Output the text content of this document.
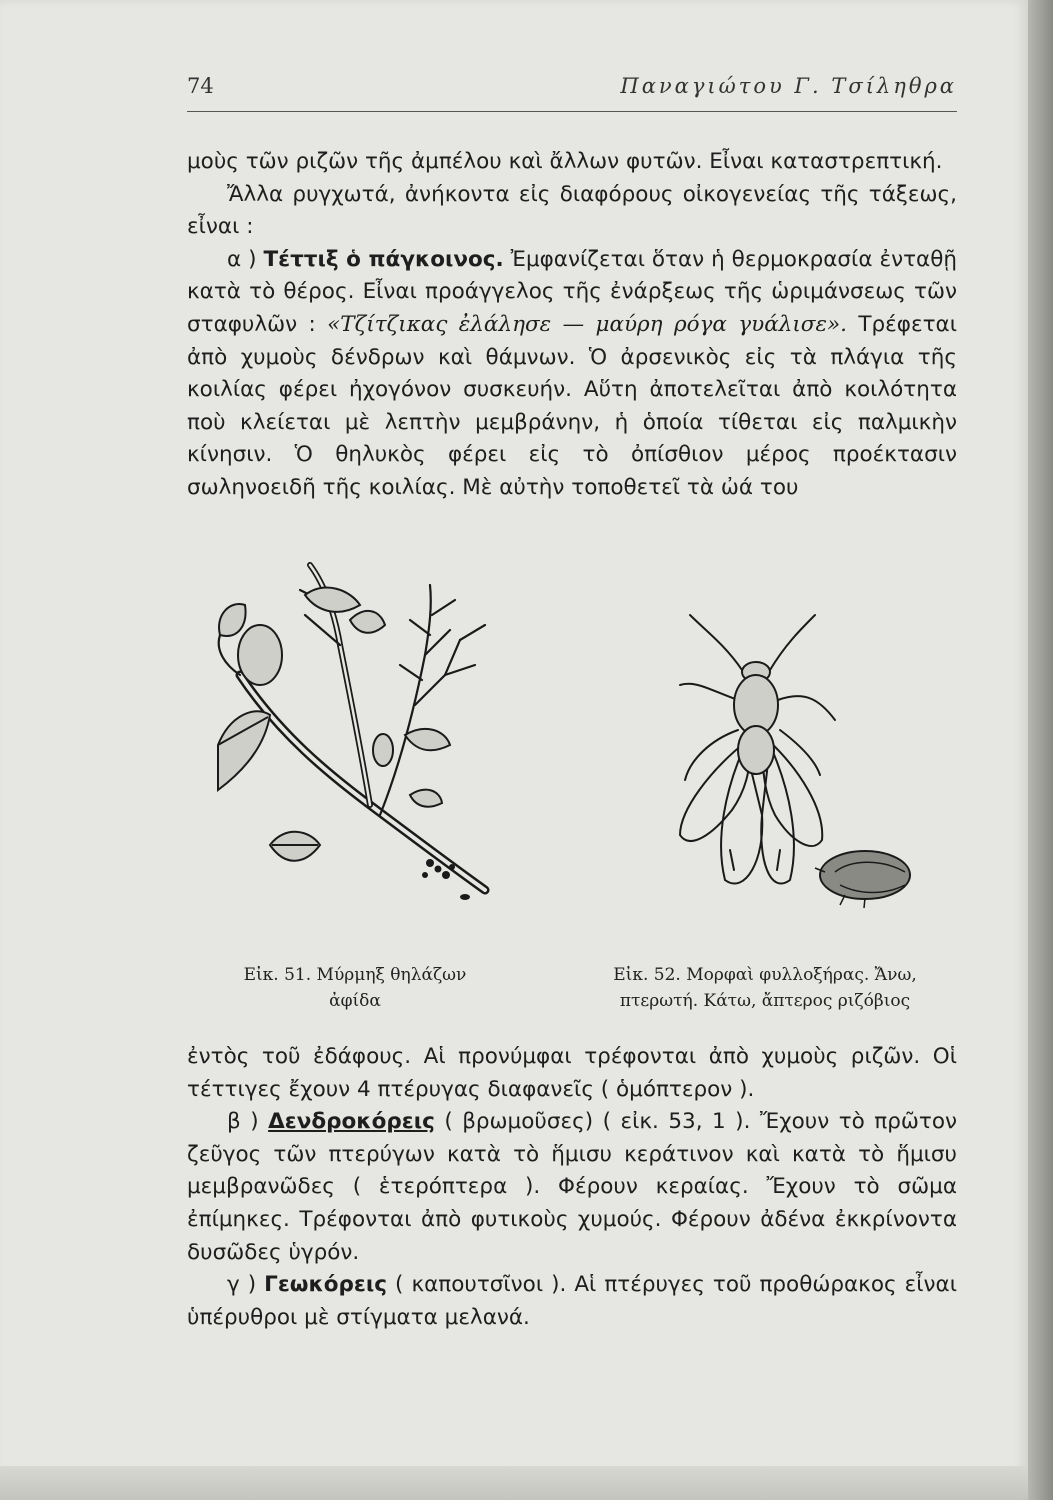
74	Παναγιώτου Γ. Τσίληθρα

μοὺς τῶν ριζῶν τῆς ἀμπέλου καὶ ἄλλων φυτῶν. Εἶναι καταστρεπτική.

Ἄλλα ρυγχωτά, ἀνήκοντα εἰς διαφόρους οἰκογενείας τῆς τάξεως, εἶναι :

α ) Τέττιξ ὁ πάγκοινος. Ἐμφανίζεται ὅταν ἡ θερμοκρασία ἐνταθῇ κατὰ τὸ θέρος. Εἶναι προάγγελος τῆς ἐνάρξεως τῆς ὡριμάνσεως τῶν σταφυλῶν : «Τζίτζικας ἐλάλησε — μαύρη ρόγα γυάλισε». Τρέφεται ἀπὸ χυμοὺς δένδρων καὶ θάμνων. Ὁ ἀρσενικὸς εἰς τὰ πλάγια τῆς κοιλίας φέρει ἠχογόνον συσκευήν. Αὕτη ἀποτελεῖται ἀπὸ κοιλότητα ποὺ κλείεται μὲ λεπτὴν μεμβράνην, ἡ ὁποία τίθεται εἰς παλμικὴν κίνησιν. Ὁ θηλυκὸς φέρει εἰς τὸ ὀπίσθιον μέρος προέκτασιν σωληνοειδῆ τῆς κοιλίας. Μὲ αὐτὴν τοποθετεῖ τὰ ὠά του

Εἰκ. 51. Μύρμηξ θηλάζων
ἀφίδα
Εἰκ. 52. Μορφαὶ φυλλοξήρας. Ἄνω,
πτερωτή. Κάτω, ἄπτερος ριζόβιος

ἐντὸς τοῦ ἐδάφους. Αἱ προνύμφαι τρέφονται ἀπὸ χυμοὺς ριζῶν. Οἱ τέττιγες ἔχουν 4 πτέρυγας διαφανεῖς ( ὁμόπτερον ).

β ) Δενδροκόρεις ( βρωμοῦσες) ( εἰκ. 53, 1 ). Ἔχουν τὸ πρῶτον ζεῦγος τῶν πτερύγων κατὰ τὸ ἥμισυ κεράτινον καὶ κατὰ τὸ ἥμισυ μεμβρανῶδες ( ἑτερόπτερα ). Φέρουν κεραίας. Ἔχουν τὸ σῶμα ἐπίμηκες. Τρέφονται ἀπὸ φυτικοὺς χυμούς. Φέρουν ἀδένα ἐκκρίνοντα δυσῶδες ὑγρόν.

γ ) Γεωκόρεις ( καπουτσῖνοι ). Αἱ πτέρυγες τοῦ προθώρακος εἶναι ὑπέρυθροι μὲ στίγματα μελανά.
